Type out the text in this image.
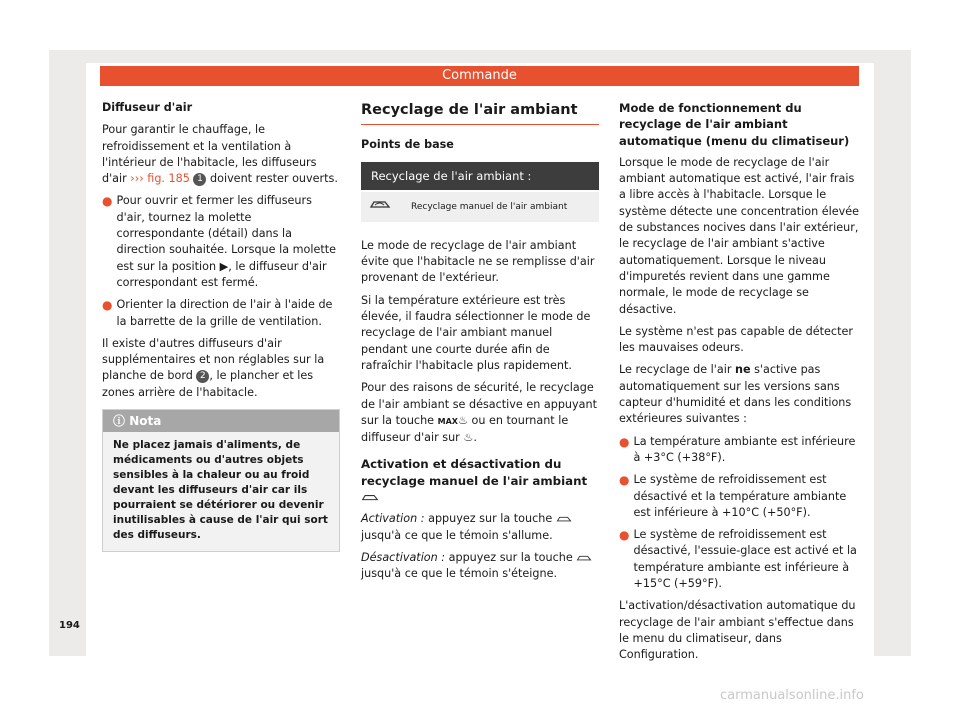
Commande

Diffuseur d'air

Pour garantir le chauffage, le refroidissement et la ventilation à l'intérieur de l'habitacle, les diffuseurs d'air ››› fig. 185 1 doivent rester ouverts.

● Pour ouvrir et fermer les diffuseurs d'air, tournez la molette correspondante (détail) dans la direction souhaitée. Lorsque la molette est sur la position ▶, le diffuseur d'air correspondant est fermé.

● Orienter la direction de l'air à l'aide de la barrette de la grille de ventilation.

Il existe d'autres diffuseurs d'air supplémentaires et non réglables sur la planche de bord 2 , le plancher et les zones arrière de l'habitacle.

ⓘ Nota
Ne placez jamais d'aliments, de médicaments ou d'autres objets sensibles à la chaleur ou au froid devant les diffuseurs d'air car ils pourraient se détériorer ou devenir inutilisables à cause de l'air qui sort des diffuseurs.
Recyclage de l'air ambiant

Points de base

Recyclage de l'air ambiant :
Recyclage manuel de l'air ambiant

Le mode de recyclage de l'air ambiant évite que l'habitacle ne se remplisse d'air provenant de l'extérieur.

Si la température extérieure est très élevée, il faudra sélectionner le mode de recyclage de l'air ambiant manuel pendant une courte durée afin de rafraîchir l'habitacle plus rapidement.

Pour des raisons de sécurité, le recyclage de l'air ambiant se désactive en appuyant sur la touche MAX♨ ou en tournant le diffuseur d'air sur ♨.

Activation et désactivation du recyclage manuel de l'air ambiant

Activation : appuyez sur la touche  jusqu'à ce que le témoin s'allume.

Désactivation : appuyez sur la touche  jusqu'à ce que le témoin s'éteigne.

Mode de fonctionnement du recyclage de l'air ambiant automatique (menu du climatiseur)

Lorsque le mode de recyclage de l'air ambiant automatique est activé, l'air frais a libre accès à l'habitacle. Lorsque le système détecte une concentration élevée de substances nocives dans l'air extérieur, le recyclage de l'air ambiant s'active automatiquement. Lorsque le niveau d'impuretés revient dans une gamme normale, le mode de recyclage se désactive.

Le système n'est pas capable de détecter les mauvaises odeurs.

Le recyclage de l'air ne s'active pas automatiquement sur les versions sans capteur d'humidité et dans les conditions extérieures suivantes :

● La température ambiante est inférieure à +3°C (+38°F).

● Le système de refroidissement est désactivé et la température ambiante est inférieure à +10°C (+50°F).

● Le système de refroidissement est désactivé, l'essuie-glace est activé et la température ambiante est inférieure à +15°C (+59°F).

L'activation/désactivation automatique du recyclage de l'air ambiant s'effectue dans le menu du climatiseur, dans Configuration.

194
carmanualsonline.info
